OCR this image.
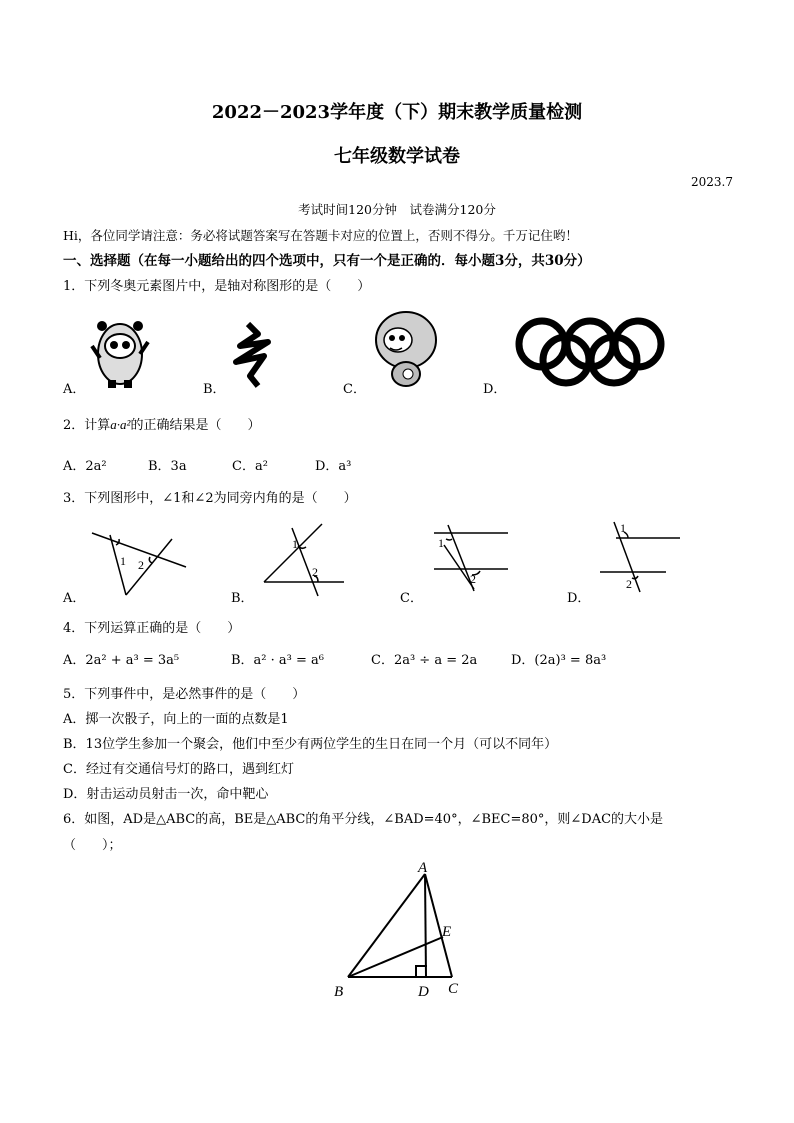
2022－2023学年度（下）期末教学质量检测
七年级数学试卷
2023.7
考试时间120分钟　试卷满分120分
Hi，各位同学请注意：务必将试题答案写在答题卡对应的位置上，否则不得分。千万记住哟！
一、选择题（在每一小题给出的四个选项中，只有一个是正确的．每小题3分，共30分）
1．下列冬奥元素图片中，是轴对称图形的是（　　）
A．	B．	C．	D．
2．计算a·a²的正确结果是（　　）
A．2a²	B．3a	C．a²	D．a³
3．下列图形中，∠1和∠2为同旁内角的是（　　）
A．
1 2
B．
1
2
C．
1
2
D．
1
2
4．下列运算正确的是（　　）
A．2a² + a³ = 3a⁵	B．a² · a³ = a⁶	C．2a³ ÷ a = 2a	D．(2a)³ = 8a³
5．下列事件中，是必然事件的是（　　）
A．掷一次骰子，向上的一面的点数是1
B．13位学生参加一个聚会，他们中至少有两位学生的生日在同一个月（可以不同年）
C．经过有交通信号灯的路口，遇到红灯
D．射击运动员射击一次，命中靶心
6．如图，AD是△ABC的高，BE是△ABC的角平分线，∠BAD=40°，∠BEC=80°，则∠DAC的大小是
（　　）；
A
B	C
D
E
